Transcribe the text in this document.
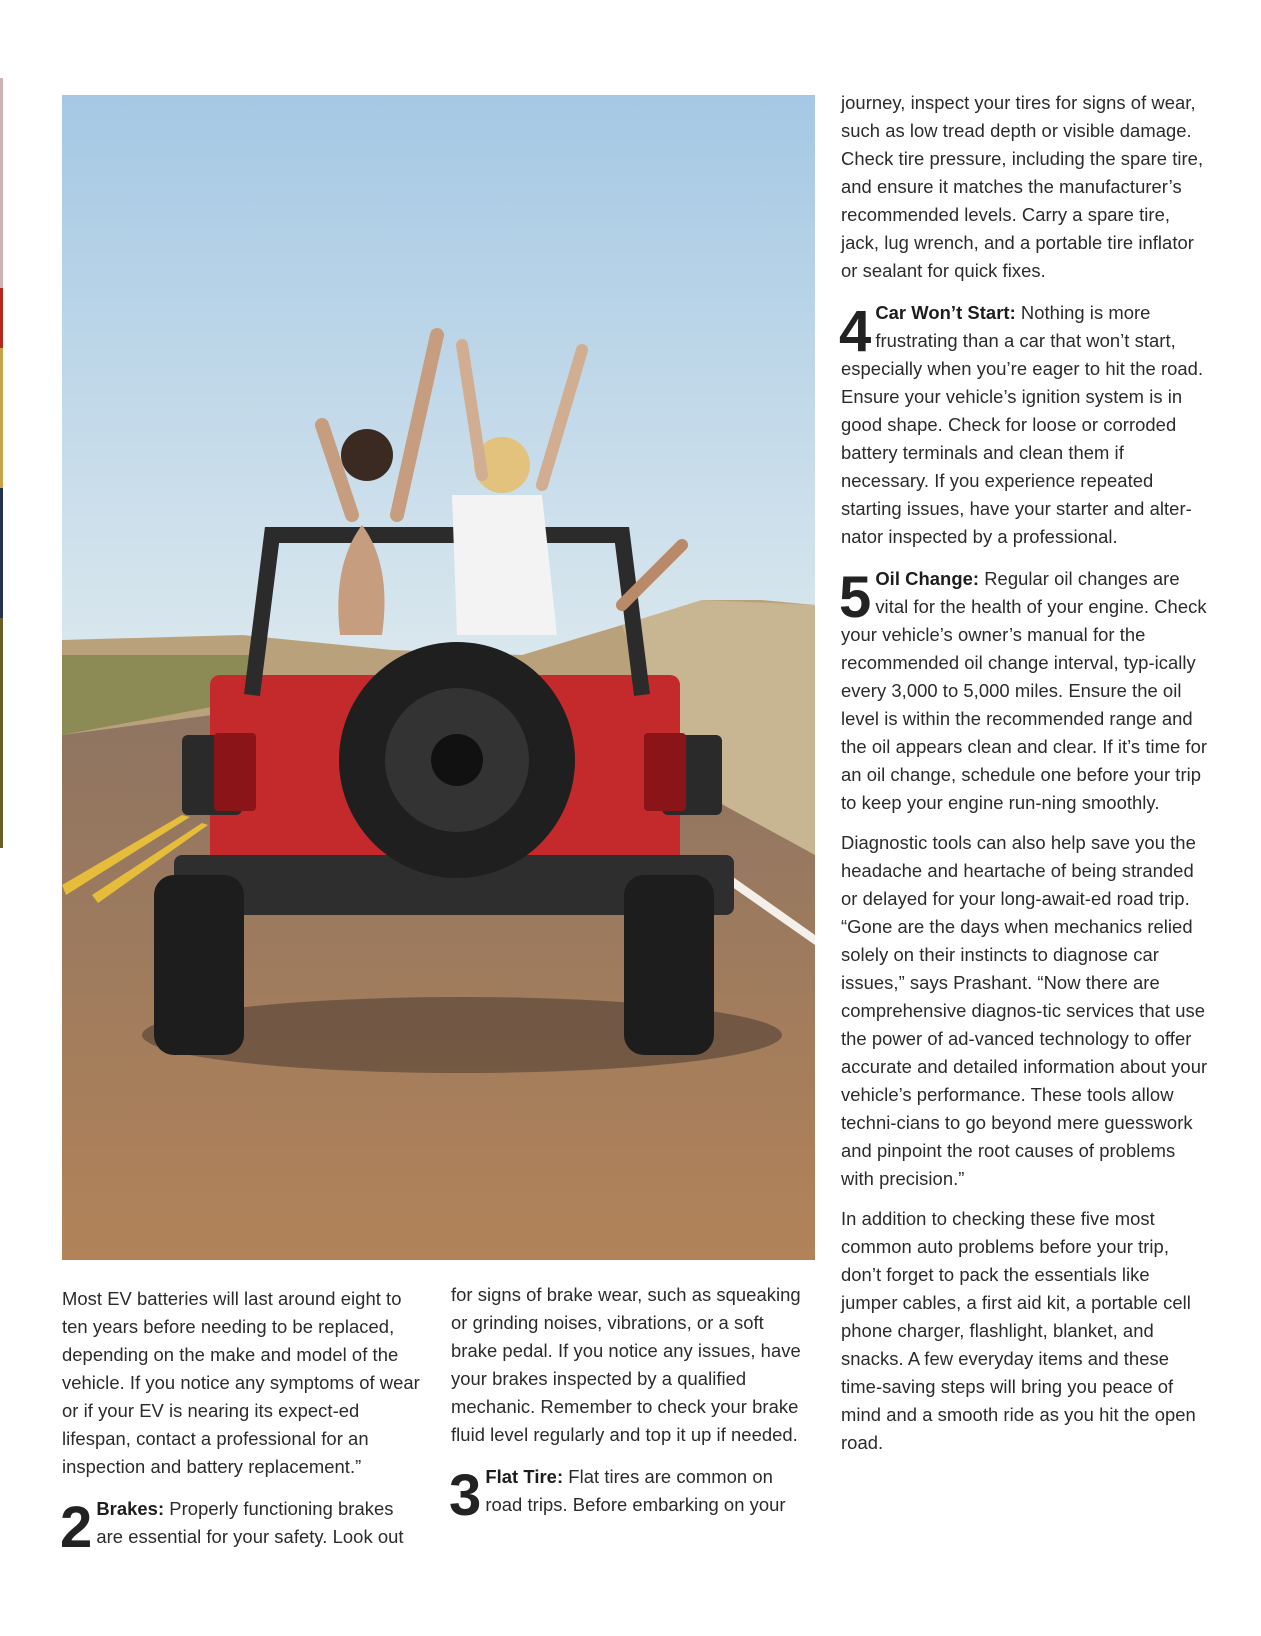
Most EV batteries will last around eight to ten years before needing to be replaced, depending on the make and model of the vehicle. If you notice any symptoms of wear or if your EV is nearing its expect-ed lifespan, contact a professional for an inspection and battery replacement.”

2 Brakes: Properly functioning brakes are essential for your safety. Look out

for signs of brake wear, such as squeaking or grinding noises, vibrations, or a soft brake pedal. If you notice any issues, have your brakes inspected by a qualified mechanic. Remember to check your brake fluid level regularly and top it up if needed.

3 Flat Tire: Flat tires are common on road trips. Before embarking on your

journey, inspect your tires for signs of wear, such as low tread depth or visible damage. Check tire pressure, including the spare tire, and ensure it matches the manufacturer’s recommended levels. Carry a spare tire, jack, lug wrench, and a portable tire inflator or sealant for quick fixes.

4 Car Won’t Start: Nothing is more frustrating than a car that won’t start, especially when you’re eager to hit the road. Ensure your vehicle’s ignition system is in good shape. Check for loose or corroded battery terminals and clean them if necessary. If you experience repeated starting issues, have your starter and alter-nator inspected by a professional.

5 Oil Change: Regular oil changes are vital for the health of your engine. Check your vehicle’s owner’s manual for the recommended oil change interval, typ-ically every 3,000 to 5,000 miles. Ensure the oil level is within the recommended range and the oil appears clean and clear. If it’s time for an oil change, schedule one before your trip to keep your engine run-ning smoothly.

Diagnostic tools can also help save you the headache and heartache of being stranded or delayed for your long-await-ed road trip. “Gone are the days when mechanics relied solely on their instincts to diagnose car issues,” says Prashant. “Now there are comprehensive diagnos-tic services that use the power of ad-vanced technology to offer accurate and detailed information about your vehicle’s performance. These tools allow techni-cians to go beyond mere guesswork and pinpoint the root causes of problems with precision.”

In addition to checking these five most common auto problems before your trip, don’t forget to pack the essentials like jumper cables, a first aid kit, a portable cell phone charger, flashlight, blanket, and snacks. A few everyday items and these time-saving steps will bring you peace of mind and a smooth ride as you hit the open road.
